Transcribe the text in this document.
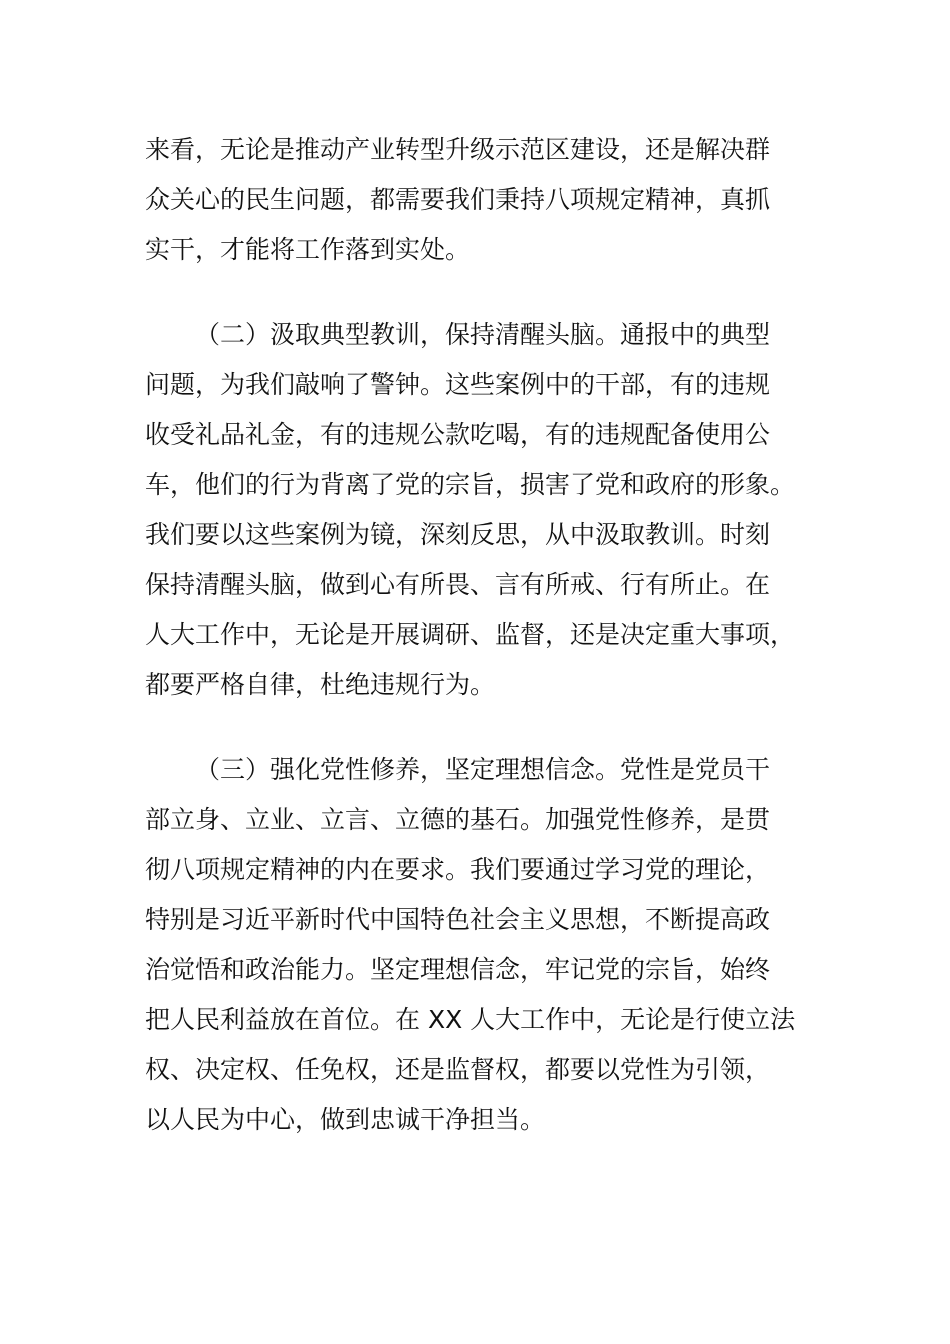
来看，无论是推动产业转型升级示范区建设，还是解决群

众关心的民生问题，都需要我们秉持八项规定精神，真抓

实干，才能将工作落到实处。

（二）汲取典型教训，保持清醒头脑。通报中的典型

问题，为我们敲响了警钟。这些案例中的干部，有的违规

收受礼品礼金，有的违规公款吃喝，有的违规配备使用公

车，他们的行为背离了党的宗旨，损害了党和政府的形象。

我们要以这些案例为镜，深刻反思，从中汲取教训。时刻

保持清醒头脑，做到心有所畏、言有所戒、行有所止。在

人大工作中，无论是开展调研、监督，还是决定重大事项，

都要严格自律，杜绝违规行为。

（三）强化党性修养，坚定理想信念。党性是党员干

部立身、立业、立言、立德的基石。加强党性修养，是贯

彻八项规定精神的内在要求。我们要通过学习党的理论，

特别是习近平新时代中国特色社会主义思想，不断提高政

治觉悟和政治能力。坚定理想信念，牢记党的宗旨，始终

把人民利益放在首位。在 XX 人大工作中，无论是行使立法

权、决定权、任免权，还是监督权，都要以党性为引领，

以人民为中心，做到忠诚干净担当。
